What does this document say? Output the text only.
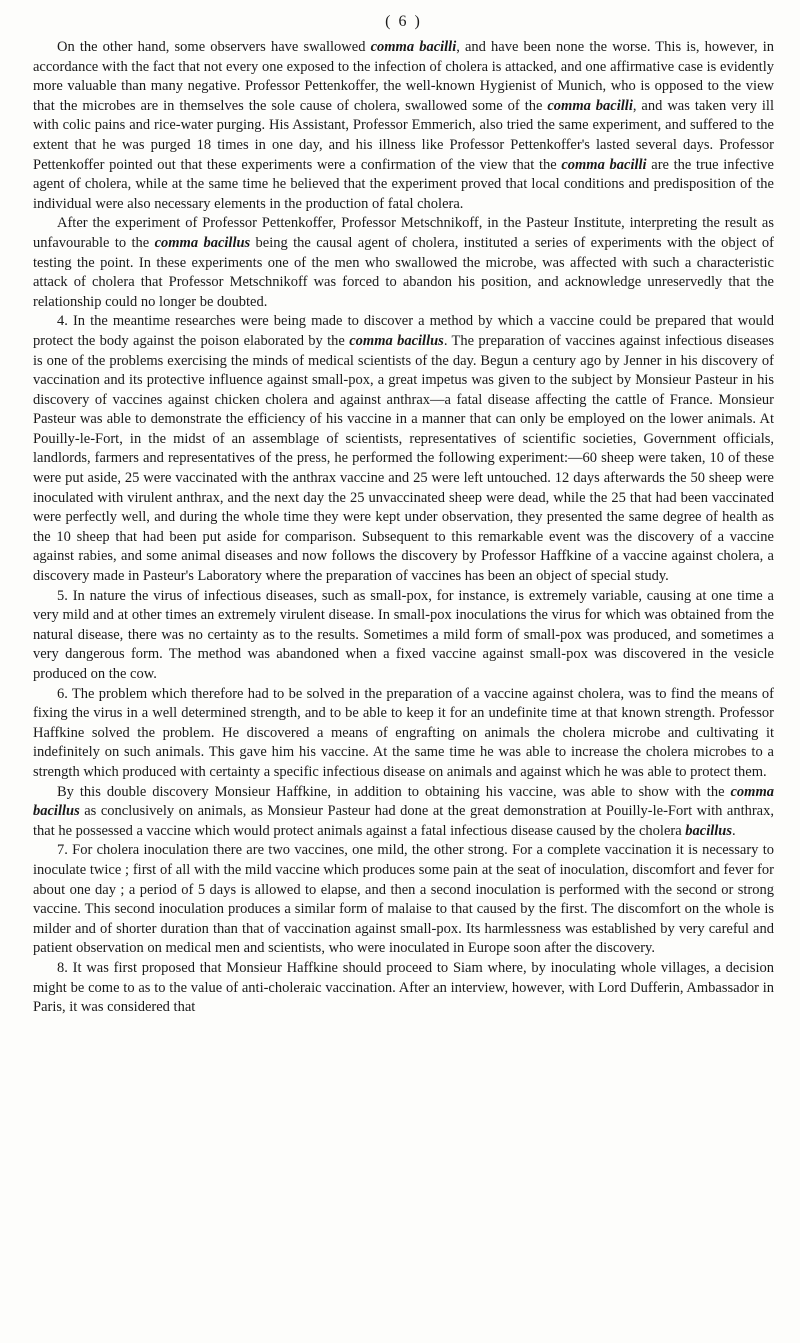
( 6 )

On the other hand, some observers have swallowed comma bacilli, and have been none the worse. This is, however, in accordance with the fact that not every one exposed to the infection of cholera is attacked, and one affirmative case is evidently more valuable than many negative. Professor Pettenkoffer, the well-known Hygienist of Munich, who is opposed to the view that the microbes are in themselves the sole cause of cholera, swallowed some of the comma bacilli, and was taken very ill with colic pains and rice-water purging. His Assistant, Professor Emmerich, also tried the same experiment, and suffered to the extent that he was purged 18 times in one day, and his illness like Professor Pettenkoffer's lasted several days. Professor Pettenkoffer pointed out that these experiments were a confirmation of the view that the comma bacilli are the true infective agent of cholera, while at the same time he believed that the experiment proved that local conditions and predisposition of the individual were also necessary elements in the production of fatal cholera.

After the experiment of Professor Pettenkoffer, Professor Metschnikoff, in the Pasteur Institute, interpreting the result as unfavourable to the comma bacillus being the causal agent of cholera, instituted a series of experiments with the object of testing the point. In these experiments one of the men who swallowed the microbe, was affected with such a characteristic attack of cholera that Professor Metschnikoff was forced to abandon his position, and acknowledge unreservedly that the relationship could no longer be doubted.

4. In the meantime researches were being made to discover a method by which a vaccine could be prepared that would protect the body against the poison elaborated by the comma bacillus. The preparation of vaccines against infectious diseases is one of the problems exercising the minds of medical scientists of the day. Begun a century ago by Jenner in his discovery of vaccination and its protective influence against small-pox, a great impetus was given to the subject by Monsieur Pasteur in his discovery of vaccines against chicken cholera and against anthrax—a fatal disease affecting the cattle of France. Monsieur Pasteur was able to demonstrate the efficiency of his vaccine in a manner that can only be employed on the lower animals. At Pouilly-le-Fort, in the midst of an assemblage of scientists, representatives of scientific societies, Government officials, landlords, farmers and representatives of the press, he performed the following experiment:—60 sheep were taken, 10 of these were put aside, 25 were vaccinated with the anthrax vaccine and 25 were left untouched. 12 days afterwards the 50 sheep were inoculated with virulent anthrax, and the next day the 25 unvaccinated sheep were dead, while the 25 that had been vaccinated were perfectly well, and during the whole time they were kept under observation, they presented the same degree of health as the 10 sheep that had been put aside for comparison. Subsequent to this remarkable event was the discovery of a vaccine against rabies, and some animal diseases and now follows the discovery by Professor Haffkine of a vaccine against cholera, a discovery made in Pasteur's Laboratory where the preparation of vaccines has been an object of special study.

5. In nature the virus of infectious diseases, such as small-pox, for instance, is extremely variable, causing at one time a very mild and at other times an extremely virulent disease. In small-pox inoculations the virus for which was obtained from the natural disease, there was no certainty as to the results. Sometimes a mild form of small-pox was produced, and sometimes a very dangerous form. The method was abandoned when a fixed vaccine against small-pox was discovered in the vesicle produced on the cow.

6. The problem which therefore had to be solved in the preparation of a vaccine against cholera, was to find the means of fixing the virus in a well determined strength, and to be able to keep it for an undefinite time at that known strength. Professor Haffkine solved the problem. He discovered a means of engrafting on animals the cholera microbe and cultivating it indefinitely on such animals. This gave him his vaccine. At the same time he was able to increase the cholera microbes to a strength which produced with certainty a specific infectious disease on animals and against which he was able to protect them.

By this double discovery Monsieur Haffkine, in addition to obtaining his vaccine, was able to show with the comma bacillus as conclusively on animals, as Monsieur Pasteur had done at the great demonstration at Pouilly-le-Fort with anthrax, that he possessed a vaccine which would protect animals against a fatal infectious disease caused by the cholera bacillus.

7. For cholera inoculation there are two vaccines, one mild, the other strong. For a complete vaccination it is necessary to inoculate twice ; first of all with the mild vaccine which produces some pain at the seat of inoculation, discomfort and fever for about one day ; a period of 5 days is allowed to elapse, and then a second inoculation is performed with the second or strong vaccine. This second inoculation produces a similar form of malaise to that caused by the first. The discomfort on the whole is milder and of shorter duration than that of vaccination against small-pox. Its harmlessness was established by very careful and patient observation on medical men and scientists, who were inoculated in Europe soon after the discovery.

8. It was first proposed that Monsieur Haffkine should proceed to Siam where, by inoculating whole villages, a decision might be come to as to the value of anti-choleraic vaccination. After an interview, however, with Lord Dufferin, Ambassador in Paris, it was considered that
